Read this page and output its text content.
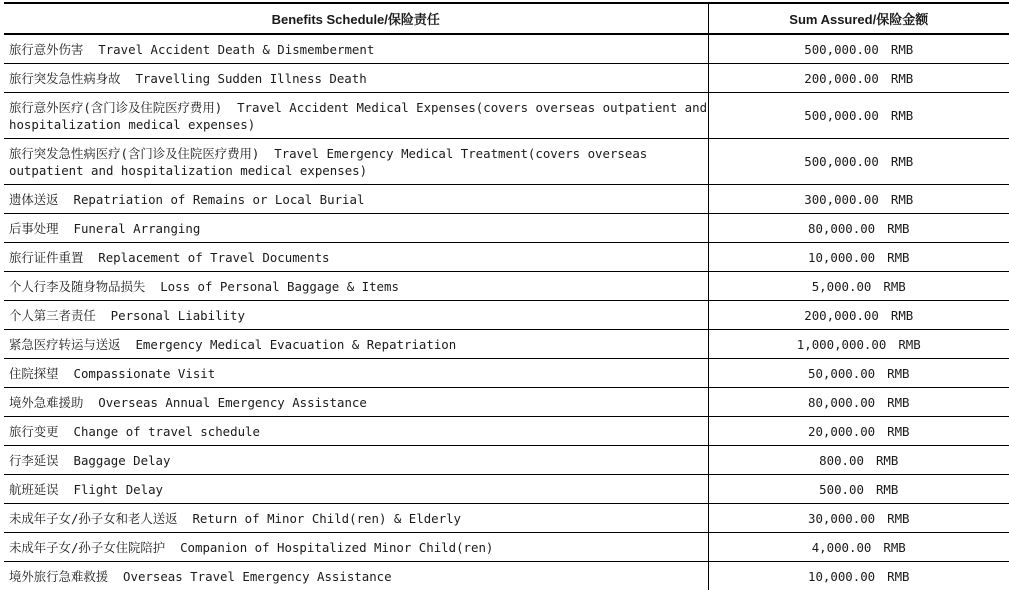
Benefits Schedule/保险责任	Sum Assured/保险金额
旅行意外伤害 Travel Accident Death & Dismemberment	500,000.00 RMB
旅行突发急性病身故 Travelling Sudden Illness Death	200,000.00 RMB
旅行意外医疗(含门诊及住院医疗费用) Travel Accident Medical Expenses(covers overseas outpatient and hospitalization medical expenses)	500,000.00 RMB
旅行突发急性病医疗(含门诊及住院医疗费用) Travel Emergency Medical Treatment(covers overseas outpatient and hospitalization medical expenses)	500,000.00 RMB
遗体送返 Repatriation of Remains or Local Burial	300,000.00 RMB
后事处理 Funeral Arranging	80,000.00 RMB
旅行证件重置 Replacement of Travel Documents	10,000.00 RMB
个人行李及随身物品损失 Loss of Personal Baggage & Items	5,000.00 RMB
个人第三者责任 Personal Liability	200,000.00 RMB
紧急医疗转运与送返 Emergency Medical Evacuation & Repatriation	1,000,000.00 RMB
住院探望 Compassionate Visit	50,000.00 RMB
境外急难援助 Overseas Annual Emergency Assistance	80,000.00 RMB
旅行变更 Change of travel schedule	20,000.00 RMB
行李延误 Baggage Delay	800.00 RMB
航班延误 Flight Delay	500.00 RMB
未成年子女/孙子女和老人送返 Return of Minor Child(ren) & Elderly	30,000.00 RMB
未成年子女/孙子女住院陪护 Companion of Hospitalized Minor Child(ren)	4,000.00 RMB
境外旅行急难救援 Overseas Travel Emergency Assistance	10,000.00 RMB
